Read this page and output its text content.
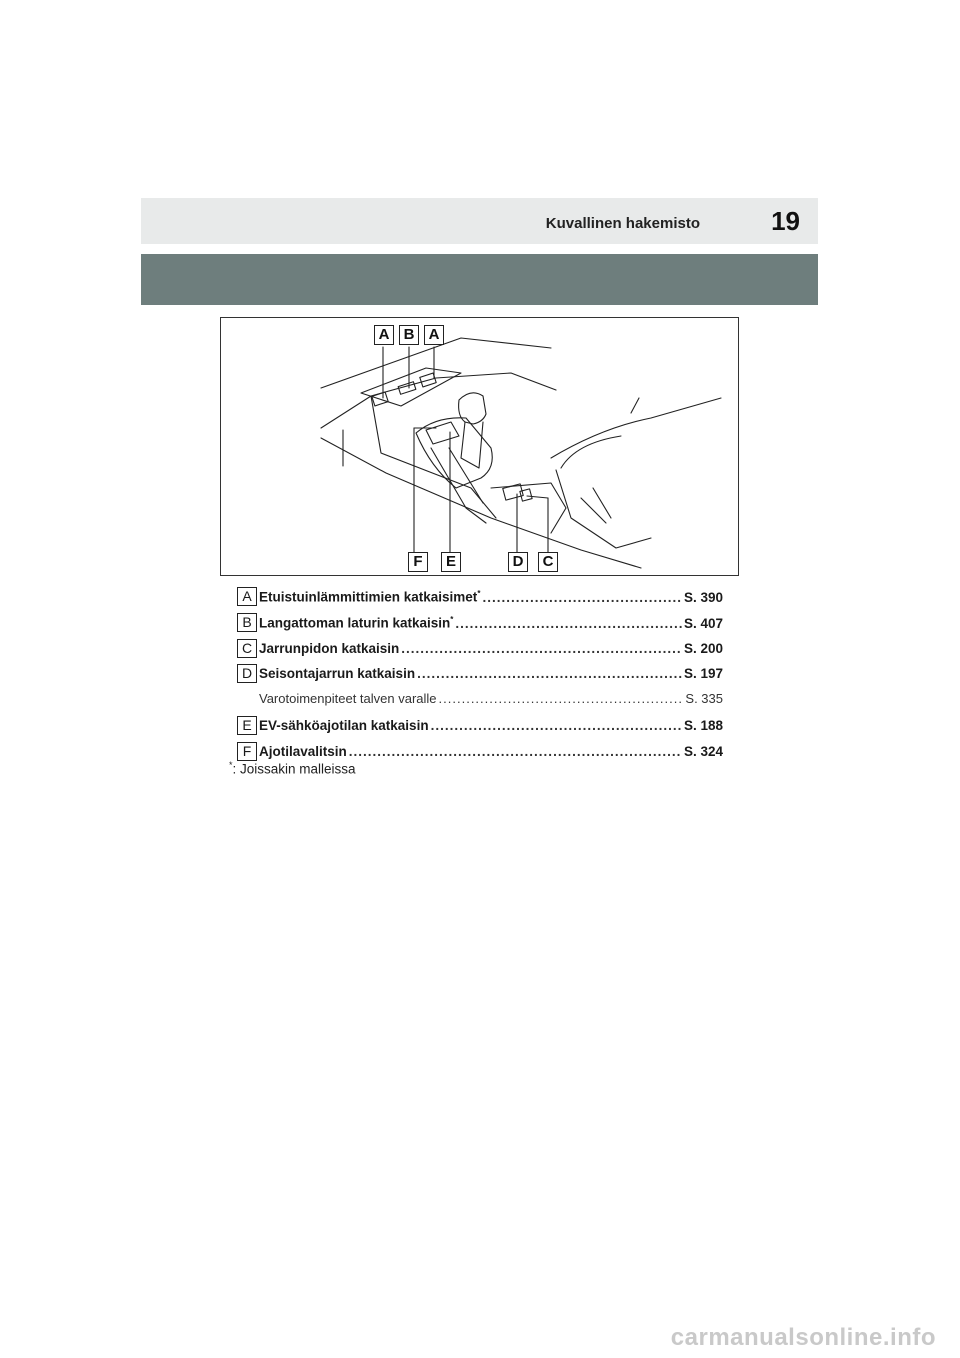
Kuvallinen hakemisto	19
A B A
F	E	D	C
A Etuistuinlämmittimien katkaisimet* .....	S. 390
B Langattoman laturin katkaisin* .....	S. 407
C Jarrunpidon katkaisin .....	S. 200
D Seisontajarrun katkaisin .....	S. 197
Varotoimenpiteet talven varalle .....	S. 335
E EV-sähköajotilan katkaisin .....	S. 188
F Ajotilavalitsin .....	S. 324
*: Joissakin malleissa
carmanualsonline.info
